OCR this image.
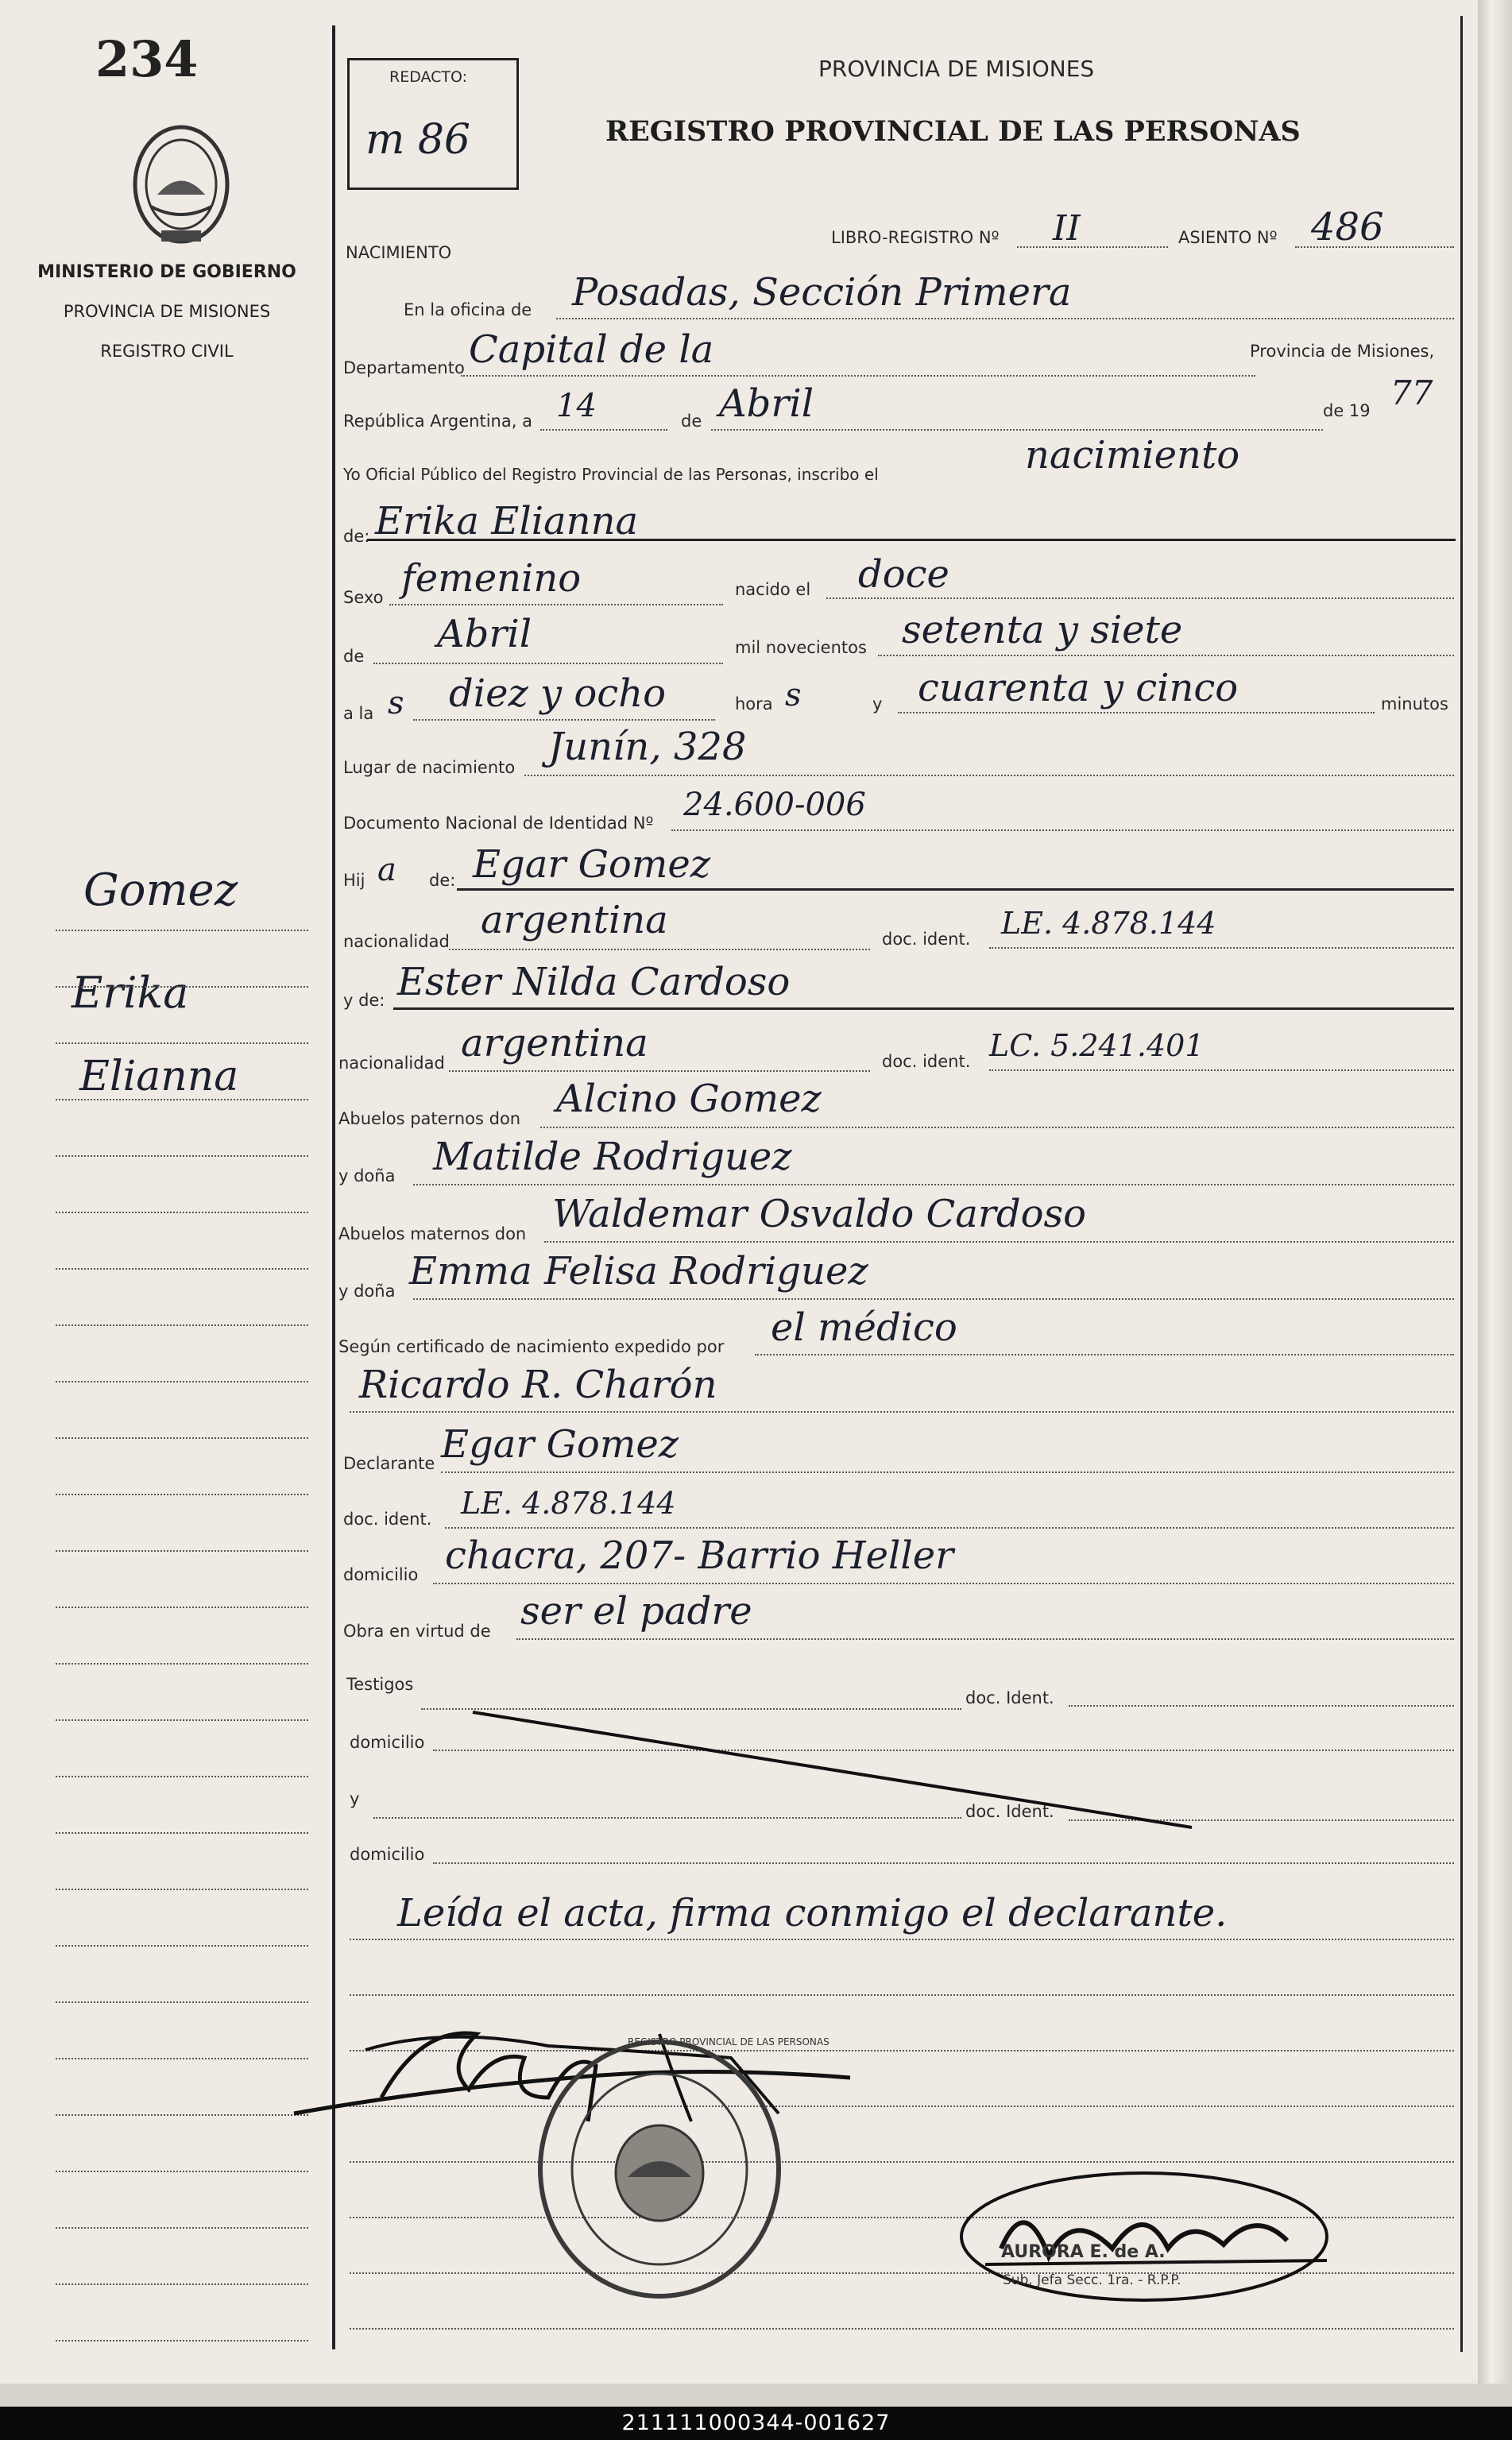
234
MINISTERIO DE GOBIERNO
PROVINCIA DE MISIONES
REGISTRO CIVIL
Gomez
Erika
Elianna
REDACTO:
m 86
PROVINCIA DE MISIONES
REGISTRO PROVINCIAL DE LAS PERSONAS
NACIMIENTO
LIBRO-REGISTRO Nº II	ASIENTO Nº 486
En la oficina de Posadas, Sección Primera
Departamento Capital de la	Provincia de Misiones,
República Argentina, a 14	de Abril	de 19 77
Yo Oficial Público del Registro Provincial de las Personas, inscribo el	nacimiento
de: Erika Elianna
Sexo femenino	nacido el doce
de Abril	mil novecientos setenta y siete
a la s diez y ocho	hora s	y cuarenta y cinco	minutos
Lugar de nacimiento Junín, 328
Documento Nacional de Identidad Nº 24.600-006
Hij a de: Egar Gomez
nacionalidad argentina	doc. ident. LE. 4.878.144
y de: Ester Nilda Cardoso
nacionalidad argentina	doc. ident. LC. 5.241.401
Abuelos paternos don Alcino Gomez
y doña Matilde Rodriguez
Abuelos maternos don Waldemar Osvaldo Cardoso
y doña Emma Felisa Rodriguez
Según certificado de nacimiento expedido por el médico
Ricardo R. Charón
Declarante Egar Gomez
doc. ident. LE. 4.878.144
domicilio chacra, 207- Barrio Heller
Obra en virtud de ser el padre
Testigos
doc. Ident.
domicilio
y
doc. Ident.
domicilio
Leída el acta, firma conmigo el declarante.
REGISTRO PROVINCIAL DE LAS PERSONAS
AURORA E. de A.
Sub. Jefa Secc. 1ra. - R.P.P.
211111000344-001627
